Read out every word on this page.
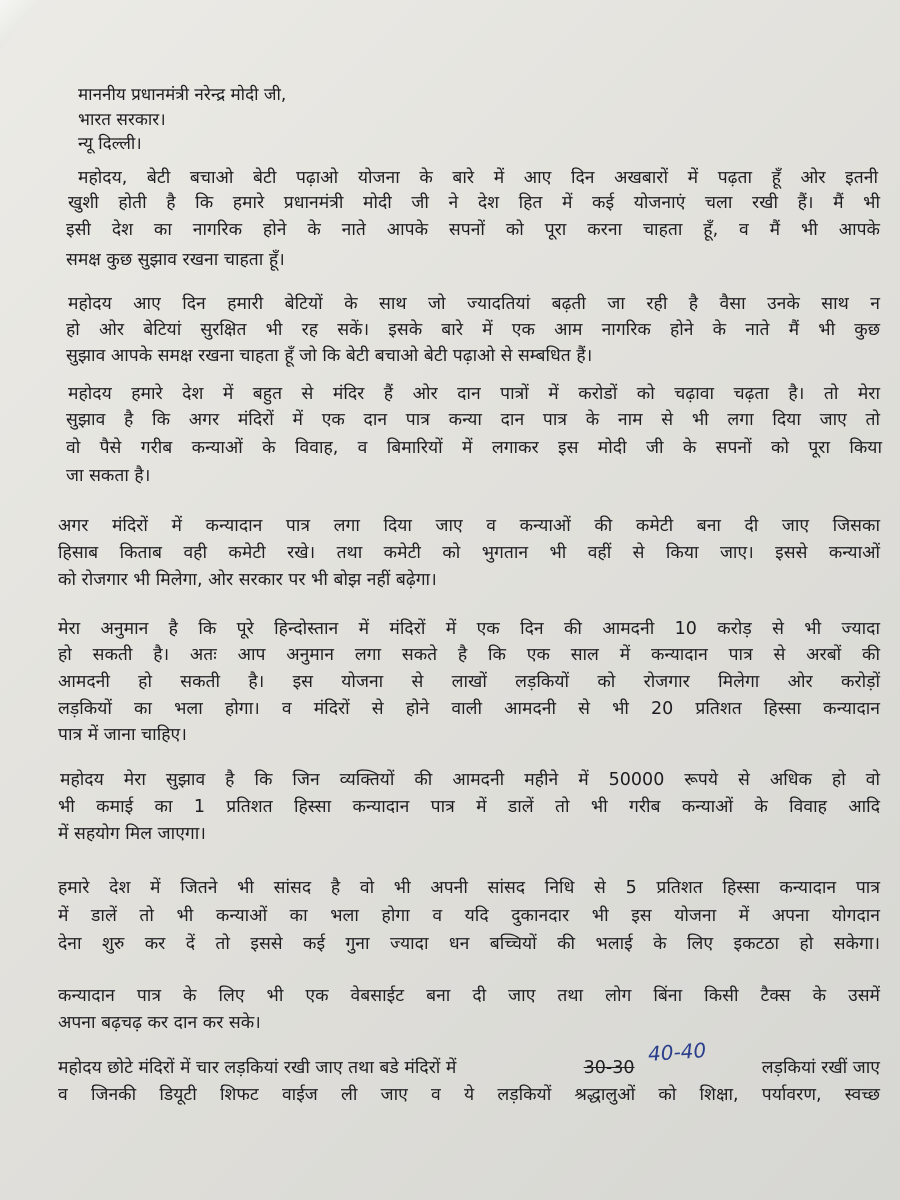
माननीय प्रधानमंत्री नरेन्द्र मोदी जी,
भारत सरकार।
न्यू दिल्ली।
महोदय, बेटी बचाओ बेटी पढ़ाओ योजना के बारे में आए दिन अखबारों में पढ़ता हूँ ओर इतनी
खुशी होती है कि हमारे प्रधानमंत्री मोदी जी ने देश हित में कई योजनाएं चला रखी हैं। मैं भी
इसी देश का नागरिक होने के नाते आपके सपनों को पूरा करना चाहता हूँ, व मैं भी आपके
समक्ष कुछ सुझाव रखना चाहता हूँ।
महोदय आए दिन हमारी बेटियों के साथ जो ज्यादतियां बढ़ती जा रही है वैसा उनके साथ न
हो ओर बेटियां सुरक्षित भी रह सकें। इसके बारे में एक आम नागरिक होने के नाते मैं भी कुछ
सुझाव आपके समक्ष रखना चाहता हूँ जो कि बेटी बचाओ बेटी पढ़ाओ से सम्बधित हैं।
महोदय हमारे देश में बहुत से मंदिर हैं ओर दान पात्रों में करोडों को चढ़ावा चढ़ता है। तो मेरा
सुझाव है कि अगर मंदिरों में एक दान पात्र कन्या दान पात्र के नाम से भी लगा दिया जाए तो
वो पैसे गरीब कन्याओं के विवाह, व बिमारियों में लगाकर इस मोदी जी के सपनों को पूरा किया
जा सकता है।
अगर मंदिरों में कन्यादान पात्र लगा दिया जाए व कन्याओं की कमेटी बना दी जाए जिसका
हिसाब किताब वही कमेटी रखे। तथा कमेटी को भुगतान भी वहीं से किया जाए। इससे कन्याओं
को रोजगार भी मिलेगा, ओर सरकार पर भी बोझ नहीं बढ़ेगा।
मेरा अनुमान है कि पूरे हिन्दोस्तान में मंदिरों में एक दिन की आमदनी 10 करोड़ से भी ज्यादा
हो सकती है। अतः आप अनुमान लगा सकते है कि एक साल में कन्यादान पात्र से अरबों की
आमदनी हो सकती है। इस योजना से लाखों लड़कियों को रोजगार मिलेगा ओर करोड़ों
लड़कियों का भला होगा। व मंदिरों से होने वाली आमदनी से भी 20 प्रतिशत हिस्सा कन्यादान
पात्र में जाना चाहिए।
महोदय मेरा सुझाव है कि जिन व्यक्तियों की आमदनी महीने में 50000 रूपये से अधिक हो वो
भी कमाई का 1 प्रतिशत हिस्सा कन्यादान पात्र में डालें तो भी गरीब कन्याओं के विवाह आदि
में सहयोग मिल जाएगा।
हमारे देश में जितने भी सांसद है वो भी अपनी सांसद निधि से 5 प्रतिशत हिस्सा कन्यादान पात्र
में डालें तो भी कन्याओं का भला होगा व यदि दुकानदार भी इस योजना में अपना योगदान
देना शुरु कर दें तो इससे कई गुना ज्यादा धन बच्चियों की भलाई के लिए इकटठा हो सकेगा।
कन्यादान पात्र के लिए भी एक वेबसाईट बना दी जाए तथा लोग बिंना किसी टैक्स के उसमें
अपना बढ़चढ़ कर दान कर सके।
महोदय छोटे मंदिरों में चार लड़कियां रखी जाए तथा बडे मंदिरों में	30-30	लड़कियां रखीं जाए
40-40
व जिनकी डियूटी शिफट वाईज ली जाए व ये लड़कियों श्रद्धालुओं को शिक्षा, पर्यावरण, स्वच्छ
